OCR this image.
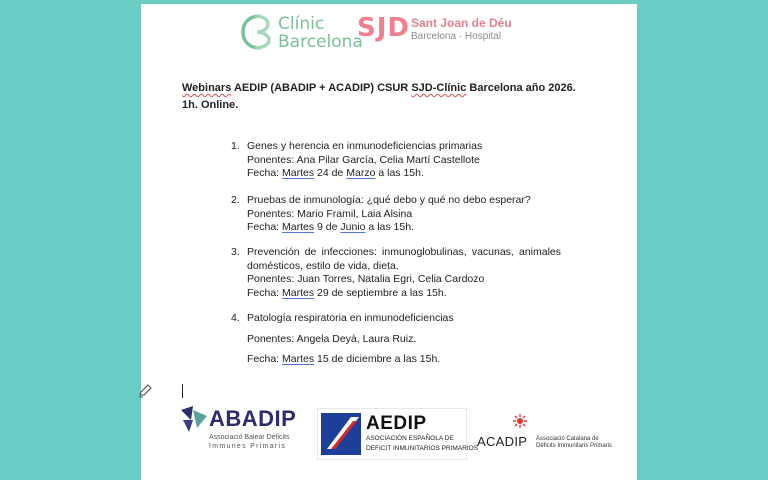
Clínic
Barcelona
SJD Sant Joan de Déu
Barcelona · Hospital
Webinars AEDIP (ABADIP + ACADIP) CSUR SJD-Clínic Barcelona año 2026. 1h. Online.
1. Genes y herencia en inmunodeficiencias primarias
Ponentes: Ana Pilar García, Celia Martí Castellote
Fecha: Martes 24 de Marzo a las 15h.
2. Pruebas de inmunología: ¿qué debo y qué no debo esperar?
Ponentes: Mario Framil, Laia Alsina
Fecha: Martes 9 de Junio a las 15h.
3. Prevención de infecciones: inmunoglobulinas, vacunas, animales domésticos, estilo de vida, dieta.
Ponentes: Juan Torres, Natalia Egri, Celia Cardozo
Fecha: Martes 29 de septiembre a las 15h.
4. Patología respiratoria en inmunodeficiencias
Ponentes: Angela Deyà, Laura Ruiz.
Fecha: Martes 15 de diciembre a las 15h.
ABADIP
Associació Balear Dèficits
Immunes Primaris
AEDIP
ASOCIACIÓN ESPAÑOLA DE
DEFICIT INMUNITARIOS PRIMARIOS
ACADIP Associació Catalana de
Dèficits Immunitaris Primaris
